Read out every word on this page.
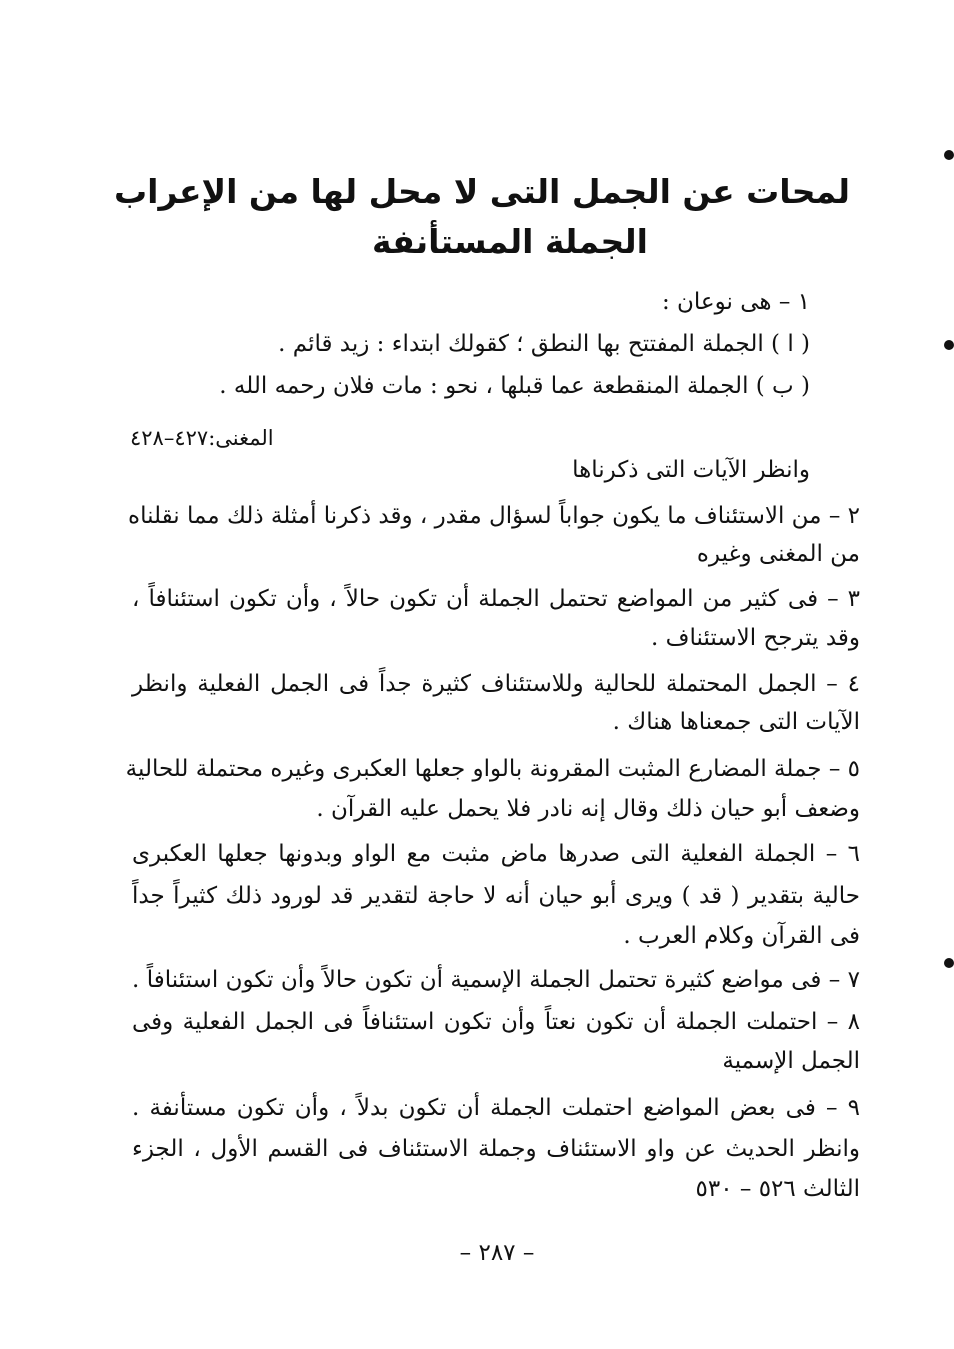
لمحات عن الجمل التى لا محل لها من الإعراب
الجملة المستأنفة
١ – هى نوعان :
( ا ) الجملة المفتتح بها النطق ؛ كقولك ابتداء : زيد قائم .
( ب ) الجملة المنقطعة عما قبلها ، نحو : مات فلان رحمه الله .
المغنى:٤٢٧–٤٢٨
وانظر الآيات التى ذكرناها
٢ – من الاستئناف ما يكون جواباً لسؤال مقدر ، وقد ذكرنا أمثلة ذلك مما نقلناه
من المغنى وغيره
٣ – فى كثير من المواضع تحتمل الجملة أن تكون حالاً ، وأن تكون استئنافاً ،
وقد يترجح الاستئناف .
٤ – الجمل المحتملة للحالية وللاستئناف كثيرة جداً فى الجمل الفعلية وانظر
الآيات التى جمعناها هناك .
٥ – جملة المضارع المثبت المقرونة بالواو جعلها العكبرى وغيره محتملة للحالية
وضعف أبو حيان ذلك وقال إنه نادر فلا يحمل عليه القرآن .
٦ – الجملة الفعلية التى صدرها ماض مثبت مع الواو وبدونها جعلها العكبرى
حالية بتقدير ( قد ) ويرى أبو حيان أنه لا حاجة لتقدير قد لورود ذلك كثيراً جداً
فى القرآن وكلام العرب .
٧ – فى مواضع كثيرة تحتمل الجملة الإسمية أن تكون حالاً وأن تكون استئنافاً .
٨ – احتملت الجملة أن تكون نعتاً وأن تكون استئنافاً فى الجمل الفعلية وفى
الجمل الإسمية
٩ – فى بعض المواضع احتملت الجملة أن تكون بدلاً ، وأن تكون مستأنفة .
وانظر الحديث عن واو الاستئناف وجملة الاستئناف فى القسم الأول ، الجزء
الثالث ٥٢٦ – ٥٣٠
– ٢٨٧ –
